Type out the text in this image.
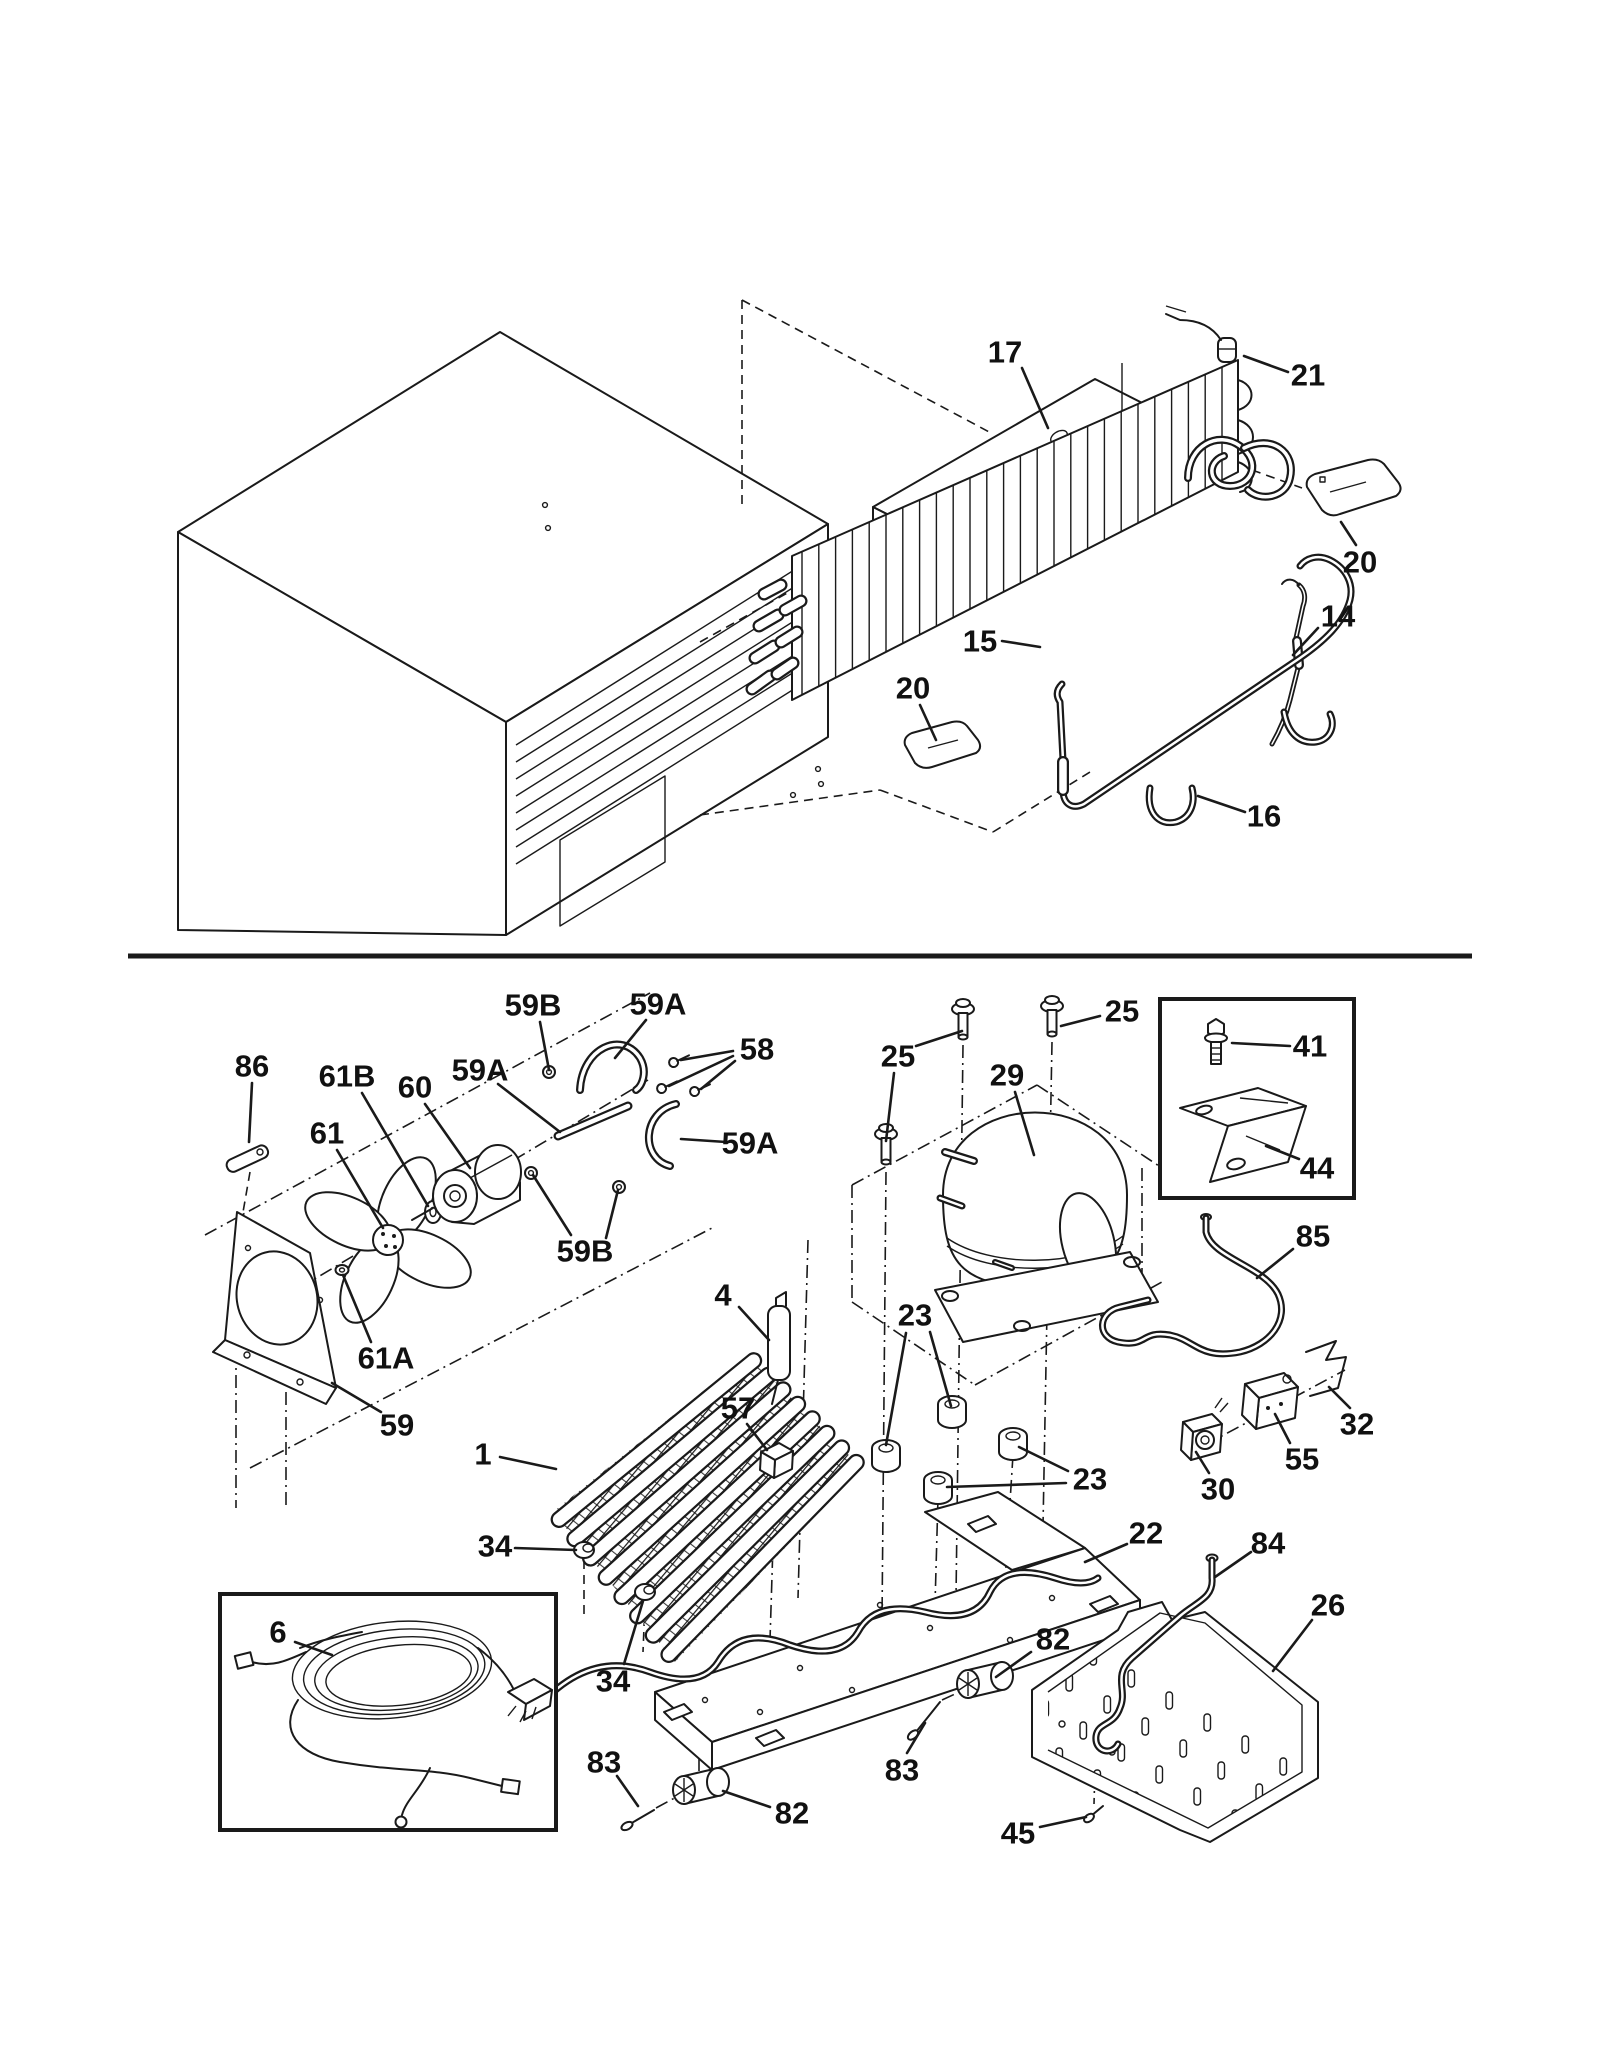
17
21
20
14
15
20
16
86 61B 60
61
59B 59A
58
59A
59A
59B
25
25
29
41
44
85
32
55
30
23
23
1
4
57
34
34
22	84
26
82
83
82
83
45
6
59
61A
